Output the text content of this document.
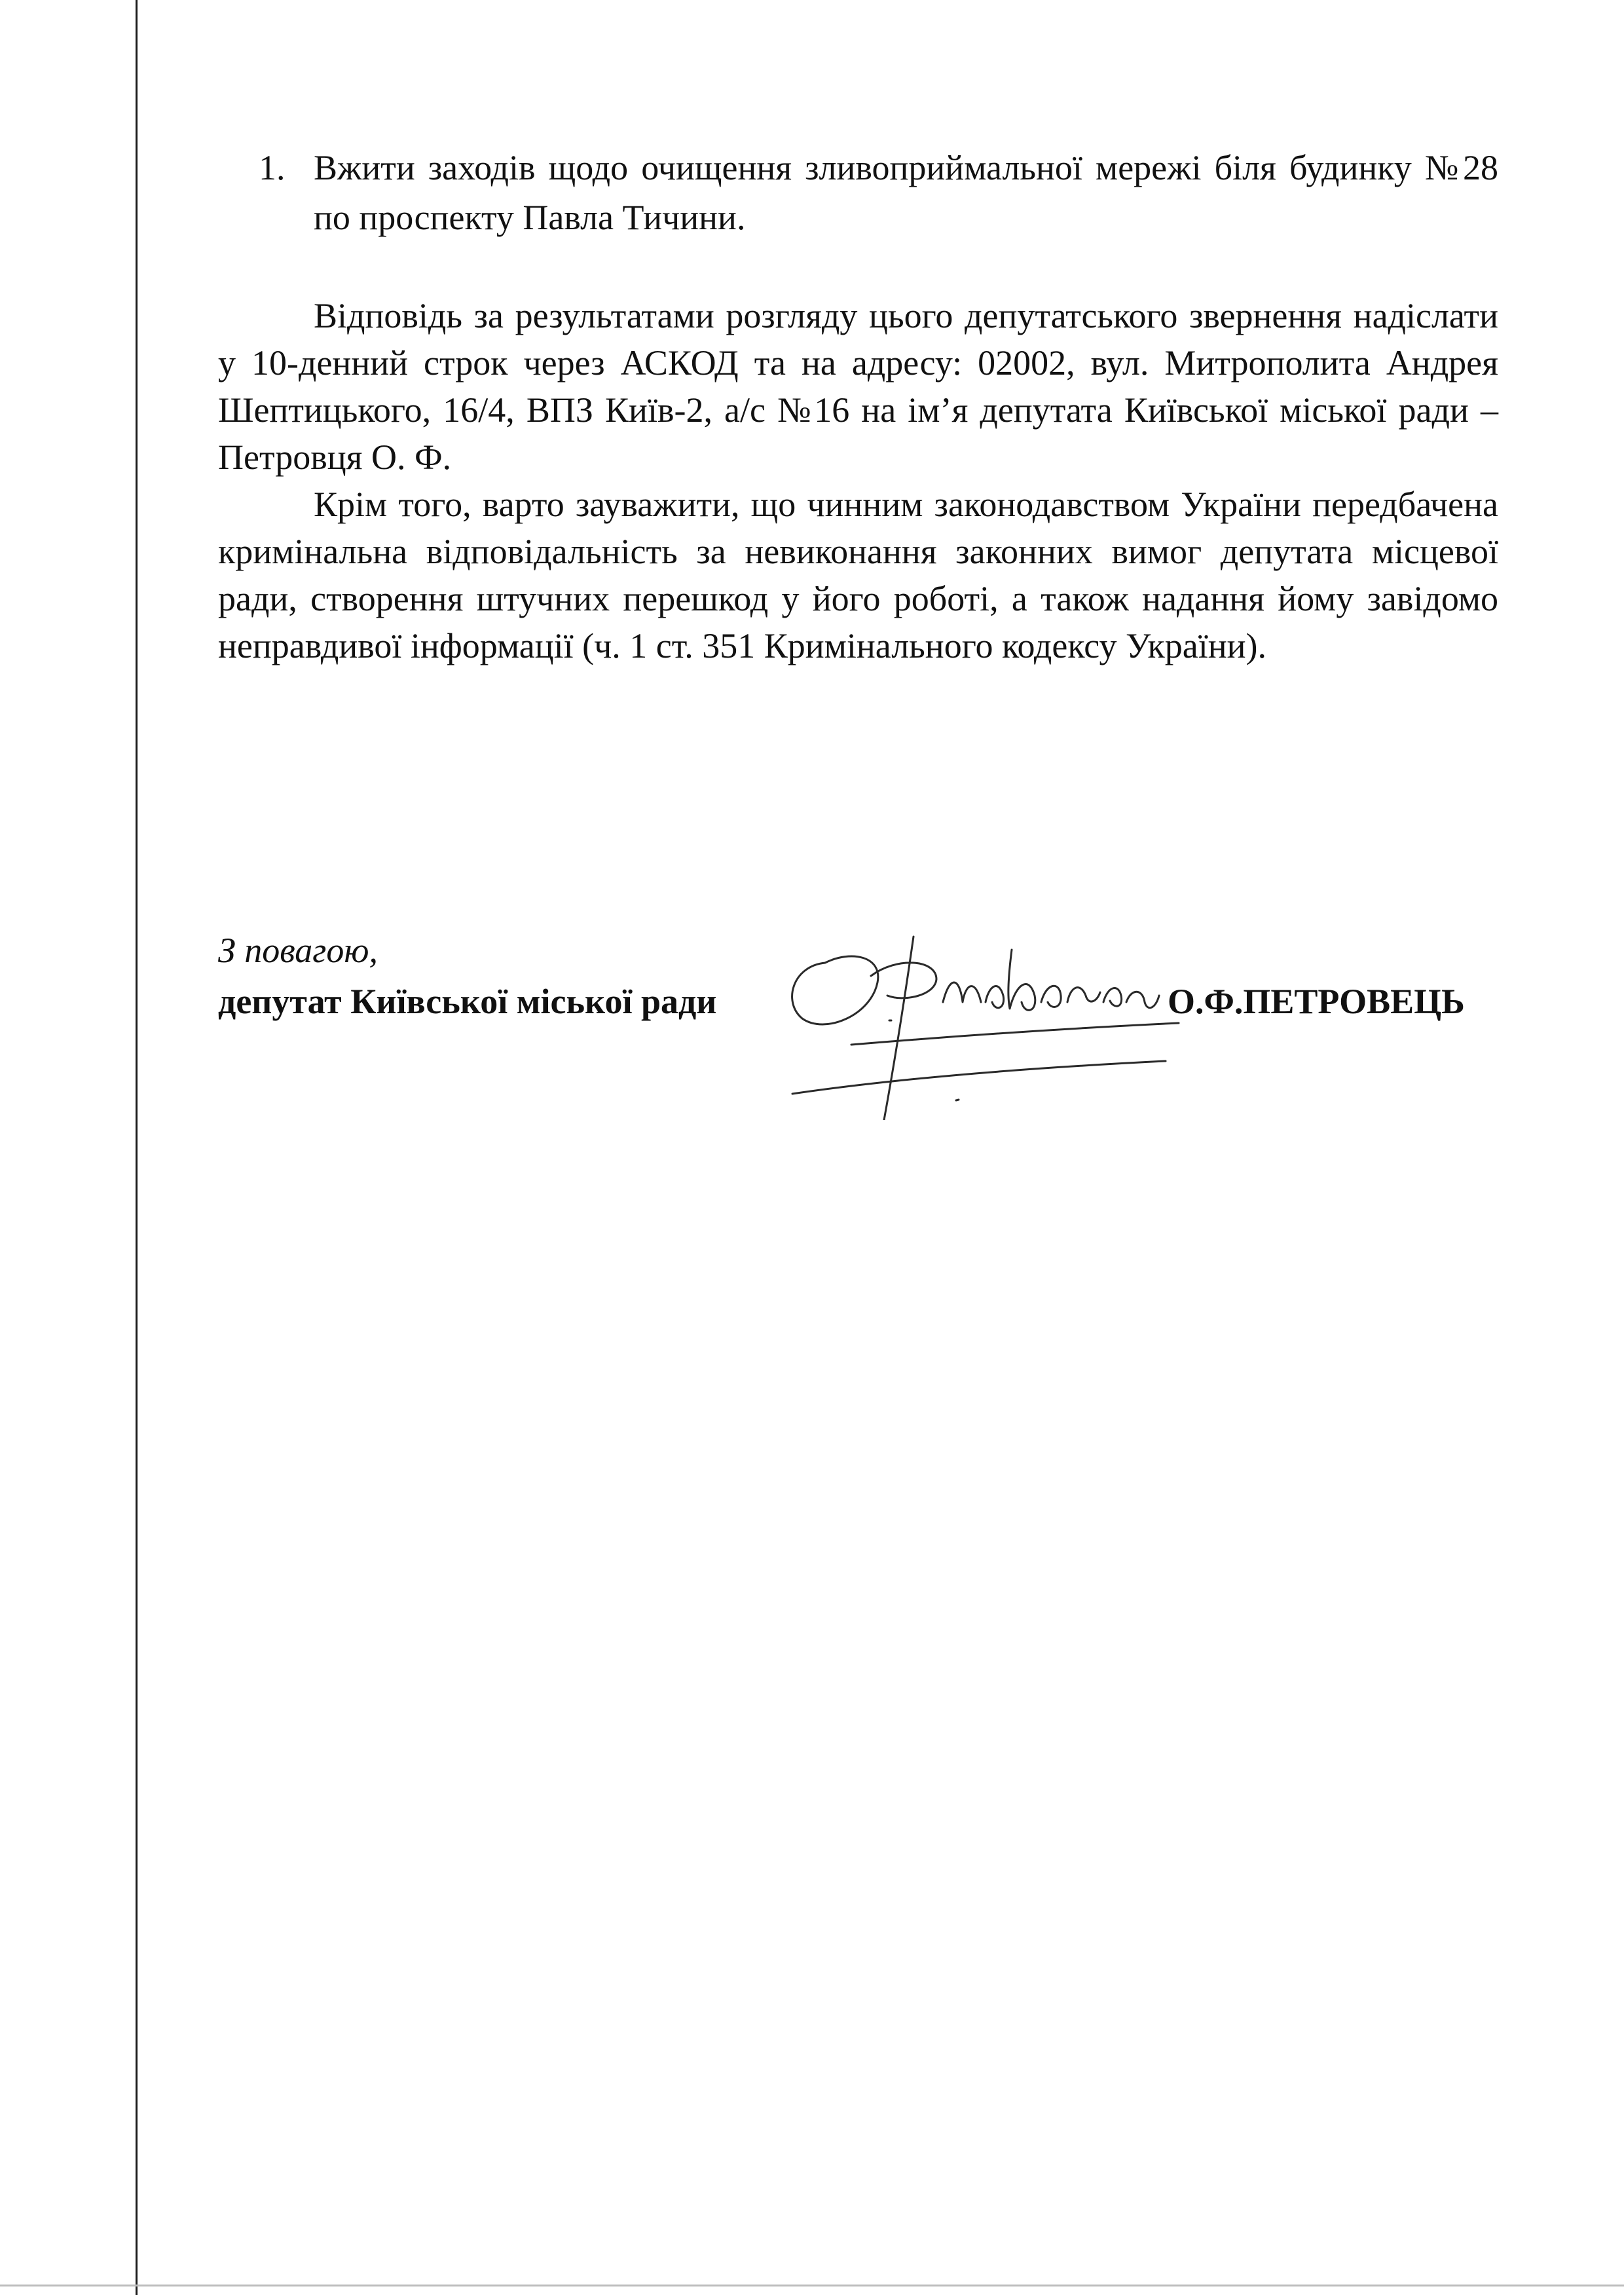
1. Вжити заходів щодо очищення зливоприймальної мережі біля будинку №28 по проспекту Павла Тичини.

Відповідь за результатами розгляду цього депутатського звернення надіслати у 10-денний строк через АСКОД та на адресу: 02002, вул. Митрополита Андрея Шептицького, 16/4, ВПЗ Київ-2, а/с №16 на ім’я депутата Київської міської ради – Петровця О. Ф.

Крім того, варто зауважити, що чинним законодавством України передбачена кримінальна відповідальність за невиконання законних вимог депутата місцевої ради, створення штучних перешкод у його роботі, а також надання йому завідомо неправдивої інформації (ч. 1 ст. 351 Кримінального кодексу України).

З повагою,
депутат Київської міської ради	О.Ф.ПЕТРОВЕЦЬ
